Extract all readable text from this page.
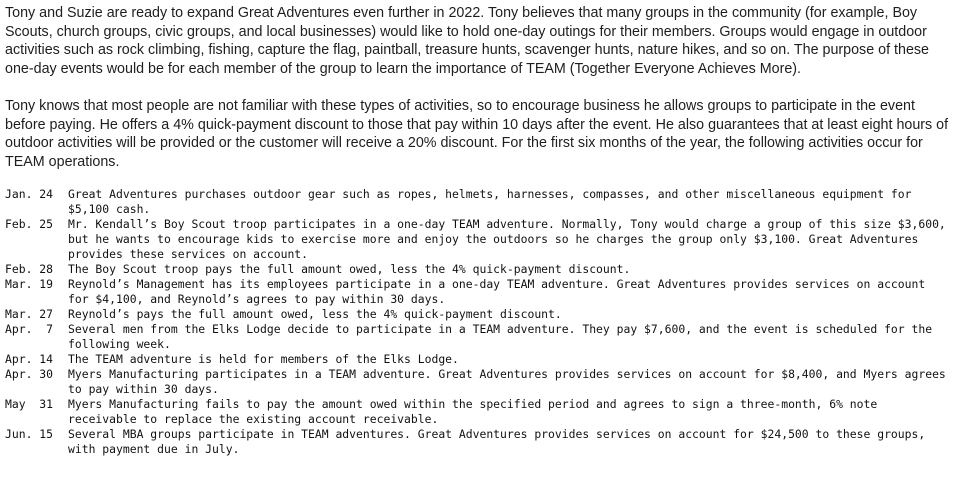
Tony and Suzie are ready to expand Great Adventures even further in 2022. Tony believes that many groups in the community (for example, Boy Scouts, church groups, civic groups, and local businesses) would like to hold one-day outings for their members. Groups would engage in outdoor activities such as rock climbing, fishing, capture the flag, paintball, treasure hunts, scavenger hunts, nature hikes, and so on. The purpose of these one-day events would be for each member of the group to learn the importance of TEAM (Together Everyone Achieves More).

Tony knows that most people are not familiar with these types of activities, so to encourage business he allows groups to participate in the event before paying. He offers a 4% quick-payment discount to those that pay within 10 days after the event. He also guarantees that at least eight hours of outdoor activities will be provided or the customer will receive a 20% discount. For the first six months of the year, the following activities occur for TEAM operations.

Jan. 24	Great Adventures purchases outdoor gear such as ropes, helmets, harnesses, compasses, and other miscellaneous equipment for $5,100 cash.
Feb. 25	Mr. Kendall’s Boy Scout troop participates in a one-day TEAM adventure. Normally, Tony would charge a group of this size $3,600, but he wants to encourage kids to exercise more and enjoy the outdoors so he charges the group only $3,100. Great Adventures provides these services on account.
Feb. 28	The Boy Scout troop pays the full amount owed, less the 4% quick-payment discount.
Mar. 19	Reynold’s Management has its employees participate in a one-day TEAM adventure. Great Adventures provides services on account for $4,100, and Reynold’s agrees to pay within 30 days.
Mar. 27	Reynold’s pays the full amount owed, less the 4% quick-payment discount.
Apr.  7	Several men from the Elks Lodge decide to participate in a TEAM adventure. They pay $7,600, and the event is scheduled for the following week.
Apr. 14	The TEAM adventure is held for members of the Elks Lodge.
Apr. 30	Myers Manufacturing participates in a TEAM adventure. Great Adventures provides services on account for $8,400, and Myers agrees to pay within 30 days.
May  31	Myers Manufacturing fails to pay the amount owed within the specified period and agrees to sign a three-month, 6% note receivable to replace the existing account receivable.
Jun. 15	Several MBA groups participate in TEAM adventures. Great Adventures provides services on account for $24,500 to these groups, with payment due in July.
